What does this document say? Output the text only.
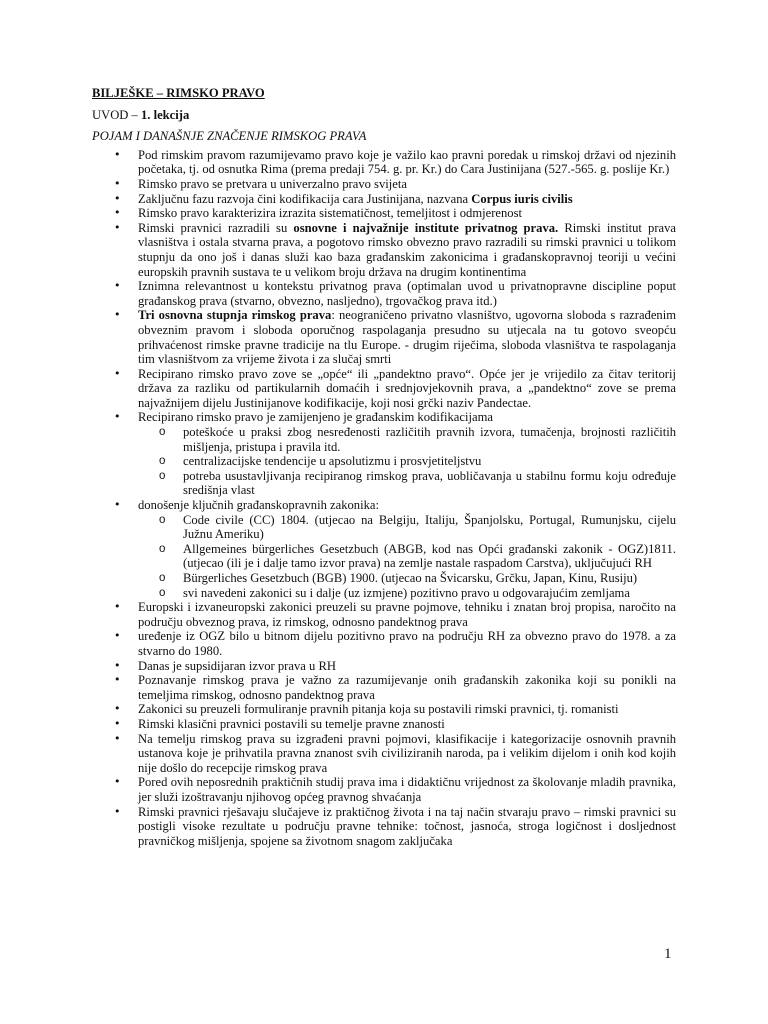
BILJEŠKE – RIMSKO PRAVO
UVOD – 1. lekcija
POJAM I DANAŠNJE ZNAČENJE RIMSKOG PRAVA
• Pod rimskim pravom razumijevamo pravo koje je važilo kao pravni poredak u rimskoj državi od njezinih početaka, tj. od osnutka Rima (prema predaji 754. g. pr. Kr.) do Cara Justinijana (527.-565. g. poslije Kr.)
• Rimsko pravo se pretvara u univerzalno pravo svijeta
• Zaključnu fazu razvoja čini kodifikacija cara Justinijana, nazvana Corpus iuris civilis
• Rimsko pravo karakterizira izrazita sistematičnost, temeljitost i odmjerenost
• Rimski pravnici razradili su osnovne i najvažnije institute privatnog prava. Rimski institut prava vlasništva i ostala stvarna prava, a pogotovo rimsko obvezno pravo razradili su rimski pravnici u tolikom stupnju da ono još i danas služi kao baza građanskim zakonicima i građanskopravnoj teoriji u većini europskih pravnih sustava te u velikom broju država na drugim kontinentima
• Iznimna relevantnost u kontekstu privatnog prava (optimalan uvod u privatnopravne discipline poput građanskog prava (stvarno, obvezno, nasljedno), trgovačkog prava itd.)
• Tri osnovna stupnja rimskog prava: neograničeno privatno vlasništvo, ugovorna sloboda s razrađenim obveznim pravom i sloboda oporučnog raspolaganja presudno su utjecala na tu gotovo sveopću prihvaćenost rimske pravne tradicije na tlu Europe. - drugim riječima, sloboda vlasništva te raspolaganja tim vlasništvom za vrijeme života i za slučaj smrti
• Recipirano rimsko pravo zove se „opće“ ili „pandektno pravo“. Opće jer je vrijedilo za čitav teritorij država za razliku od partikularnih domaćih i srednjovjekovnih prava, a „pandektno“ zove se prema najvažnijem dijelu Justinijanove kodifikacije, koji nosi grčki naziv Pandectae.
• Recipirano rimsko pravo je zamijenjeno je građanskim kodifikacijama
o poteškoće u praksi zbog nesređenosti različitih pravnih izvora, tumačenja, brojnosti različitih mišljenja, pristupa i pravila itd.
o centralizacijske tendencije u apsolutizmu i prosvjetiteljstvu
o potreba usustavljivanja recipiranog rimskog prava, uobličavanja u stabilnu formu koju određuje središnja vlast
• donošenje ključnih građanskopravnih zakonika:
o Code civile (CC) 1804. (utjecao na Belgiju, Italiju, Španjolsku, Portugal, Rumunjsku, cijelu Južnu Ameriku)
o Allgemeines bürgerliches Gesetzbuch (ABGB, kod nas Opći građanski zakonik - OGZ)1811. (utjecao (ili je i dalje tamo izvor prava) na zemlje nastale raspadom Carstva), uključujući RH
o Bürgerliches Gesetzbuch (BGB) 1900. (utjecao na Švicarsku, Grčku, Japan, Kinu, Rusiju)
o svi navedeni zakonici su i dalje (uz izmjene) pozitivno pravo u odgovarajućim zemljama
• Europski i izvaneuropski zakonici preuzeli su pravne pojmove, tehniku i znatan broj propisa, naročito na području obveznog prava, iz rimskog, odnosno pandektnog prava
• uređenje iz OGZ bilo u bitnom dijelu pozitivno pravo na području RH za obvezno pravo do 1978. a za stvarno do 1980.
• Danas je supsidijaran izvor prava u RH
• Poznavanje rimskog prava je važno za razumijevanje onih građanskih zakonika koji su ponikli na temeljima rimskog, odnosno pandektnog prava
• Zakonici su preuzeli formuliranje pravnih pitanja koja su postavili rimski pravnici, tj. romanisti
• Rimski klasični pravnici postavili su temelje pravne znanosti
• Na temelju rimskog prava su izgrađeni pravni pojmovi, klasifikacije i kategorizacije osnovnih pravnih ustanova koje je prihvatila pravna znanost svih civiliziranih naroda, pa i velikim dijelom i onih kod kojih nije došlo do recepcije rimskog prava
• Pored ovih neposrednih praktičnih studij prava ima i didaktičnu vrijednost za školovanje mladih pravnika, jer služi izoštravanju njihovog općeg pravnog shvaćanja
• Rimski pravnici rješavaju slučajeve iz praktičnog života i na taj način stvaraju pravo – rimski pravnici su postigli visoke rezultate u području pravne tehnike: točnost, jasnoća, stroga logičnost i dosljednost pravničkog mišljenja, spojene sa životnom snagom zaključaka
1
